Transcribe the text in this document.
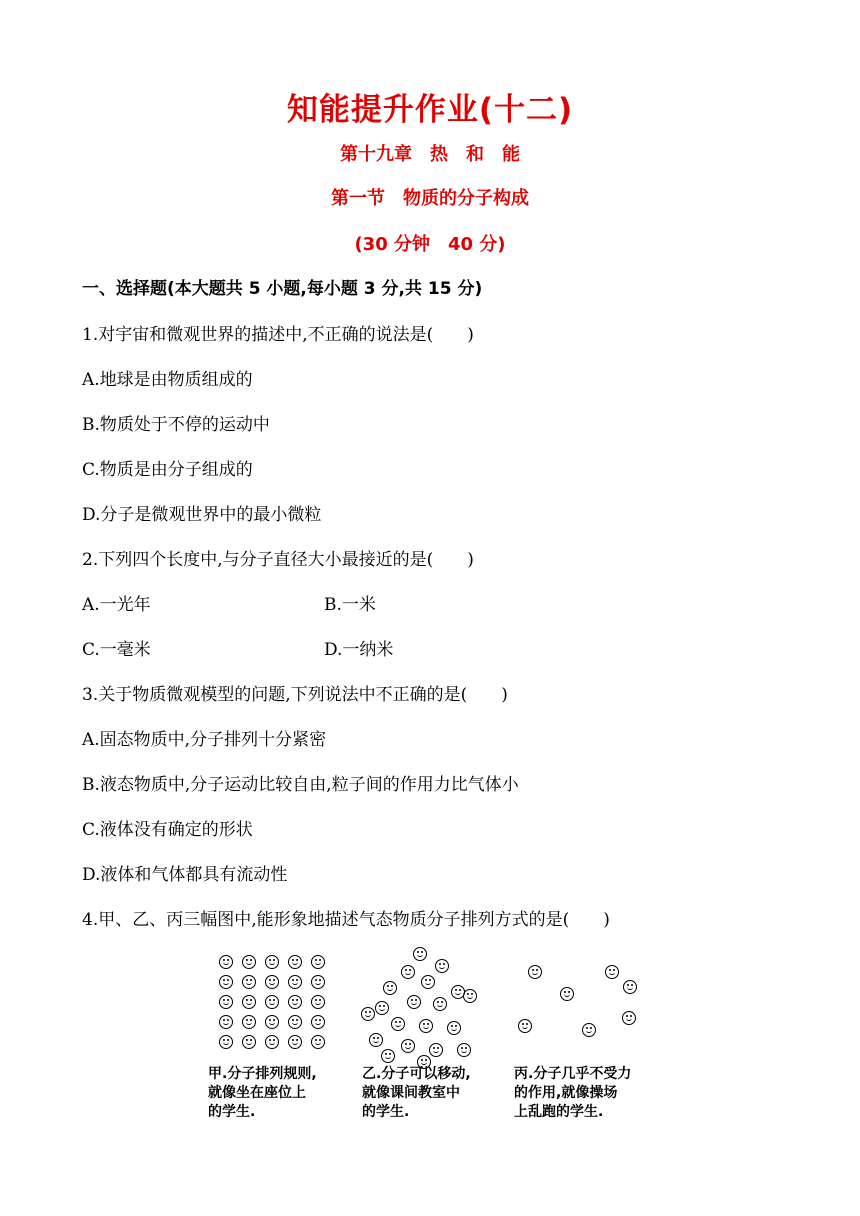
知能提升作业(十二)
第十九章　热　和　能
第一节　物质的分子构成
(30 分钟　40 分)
一、选择题(本大题共 5 小题,每小题 3 分,共 15 分)
1.对宇宙和微观世界的描述中,不正确的说法是(　　)
A.地球是由物质组成的
B.物质处于不停的运动中
C.物质是由分子组成的
D.分子是微观世界中的最小微粒
2.下列四个长度中,与分子直径大小最接近的是(　　)
A.一光年	B.一米
C.一毫米	D.一纳米
3.关于物质微观模型的问题,下列说法中不正确的是(　　)
A.固态物质中,分子排列十分紧密
B.液态物质中,分子运动比较自由,粒子间的作用力比气体小
C.液体没有确定的形状
D.液体和气体都具有流动性
4.甲、乙、丙三幅图中,能形象地描述气态物质分子排列方式的是(　　)
甲.分子排列规则,
就像坐在座位上
的学生.
乙.分子可以移动,
就像课间教室中
的学生.
丙.分子几乎不受力
的作用,就像操场
上乱跑的学生.
